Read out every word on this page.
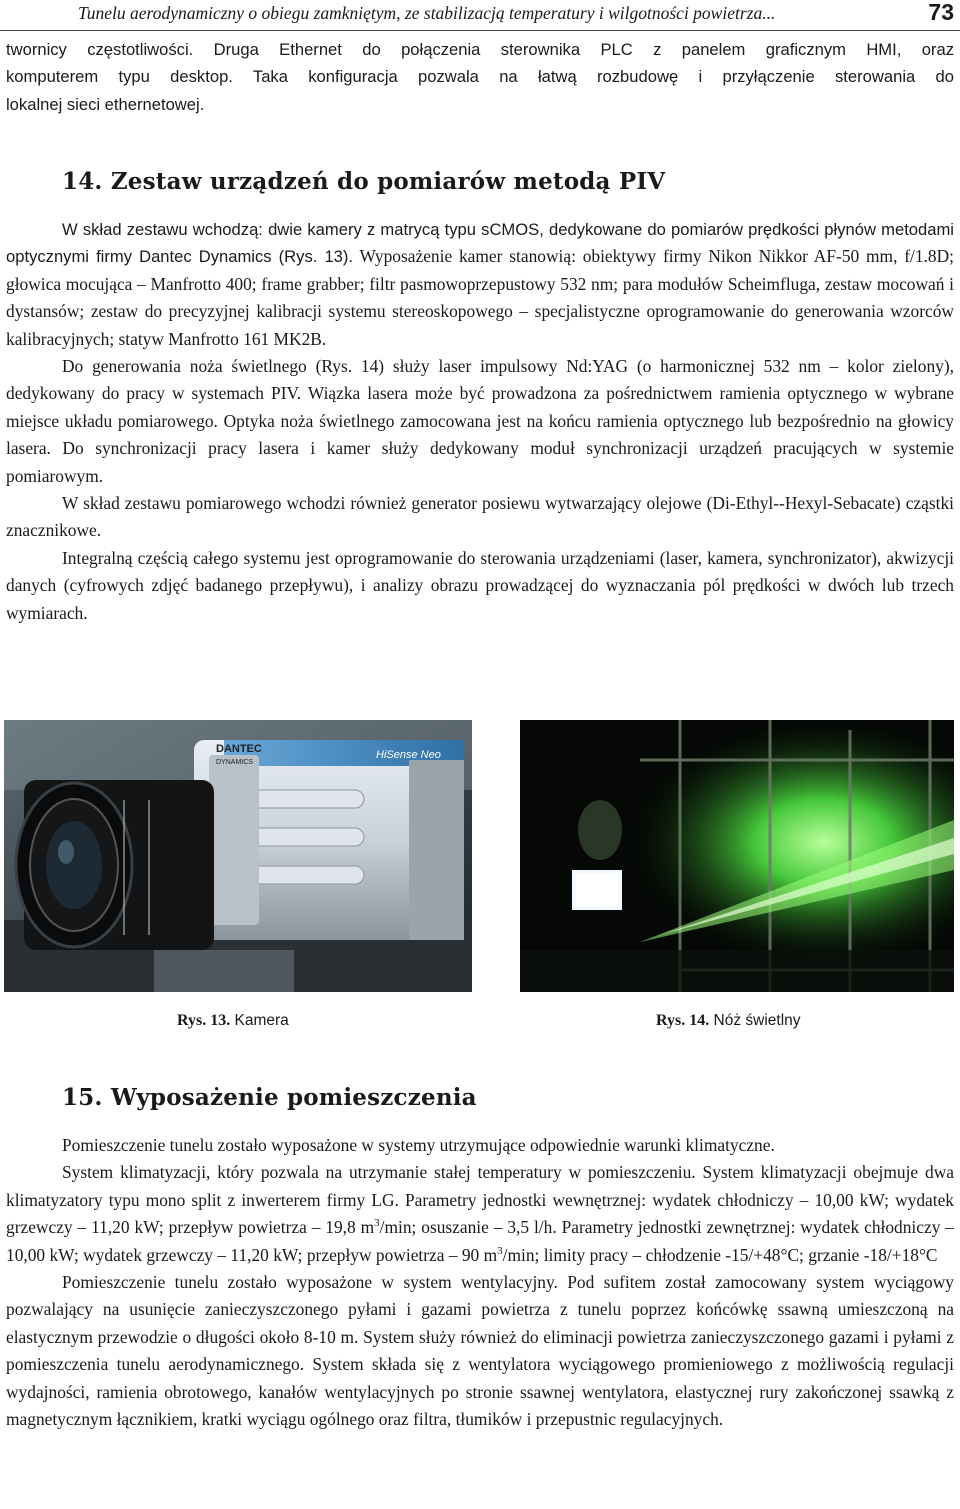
Tunelu aerodynamiczny o obiegu zamkniętym, ze stabilizacją temperatury i wilgotności powietrza...	73

twornicy częstotliwości. Druga Ethernet do połączenia sterownika PLC z panelem graficznym HMI, oraz

komputerem typu desktop. Taka konfiguracja pozwala na łatwą rozbudowę i przyłączenie sterowania do

lokalnej sieci ethernetowej.

14. Zestaw urządzeń do pomiarów metodą PIV

W skład zestawu wchodzą: dwie kamery z matrycą typu sCMOS, dedykowane do pomiarów prędkości płynów metodami optycznymi firmy Dantec Dynamics (Rys. 13). Wyposażenie kamer stanowią: obiektywy firmy Nikon Nikkor AF-50 mm, f/1.8D; głowica mocująca – Manfrotto 400; frame grabber; filtr pasmowoprzepustowy 532 nm; para modułów Scheimfluga, zestaw mocowań i dystansów; zestaw do precyzyjnej kalibracji systemu stereoskopowego – specjalistyczne oprogramowanie do generowania wzorców kalibracyjnych; statyw Manfrotto 161 MK2B.

Do generowania noża świetlnego (Rys. 14) służy laser impulsowy Nd:YAG (o harmonicznej 532 nm – kolor zielony), dedykowany do pracy w systemach PIV. Wiązka lasera może być prowadzona za pośrednictwem ramienia optycznego w wybrane miejsce układu pomiarowego. Optyka noża świetlnego zamocowana jest na końcu ramienia optycznego lub bezpośrednio na głowicy lasera. Do synchronizacji pracy lasera i kamer służy dedykowany moduł synchronizacji urządzeń pracujących w systemie pomiarowym.

W skład zestawu pomiarowego wchodzi również generator posiewu wytwarzający olejowe (Di-Ethyl--Hexyl-Sebacate) cząstki znacznikowe.

Integralną częścią całego systemu jest oprogramowanie do sterowania urządzeniami (laser, kamera, synchronizator), akwizycji danych (cyfrowych zdjęć badanego przepływu), i analizy obrazu prowadzącej do wyznaczania pól prędkości w dwóch lub trzech wymiarach.

DANTEC
DYNAMICS
HiSense Neo
Rys. 13. Kamera	Rys. 14. Nóż świetlny
15. Wyposażenie pomieszczenia

Pomieszczenie tunelu zostało wyposażone w systemy utrzymujące odpowiednie warunki klimatyczne.

System klimatyzacji, który pozwala na utrzymanie stałej temperatury w pomieszczeniu. System klimatyzacji obejmuje dwa klimatyzatory typu mono split z inwerterem firmy LG. Parametry jednostki wewnętrznej: wydatek chłodniczy – 10,00 kW; wydatek grzewczy – 11,20 kW; przepływ powietrza – 19,8 $m^3/\min$; osuszanie – 3,5 l/h. Parametry jednostki zewnętrznej: wydatek chłodniczy – 10,00 kW; wydatek grzewczy – 11,20 kW; przepływ powietrza – 90 $m^3/\min$; limity pracy – chłodzenie -15/+48°C; grzanie -18/+18°C

Pomieszczenie tunelu zostało wyposażone w system wentylacyjny. Pod sufitem został zamocowany system wyciągowy pozwalający na usunięcie zanieczyszczonego pyłami i gazami powietrza z tunelu poprzez końcówkę ssawną umieszczoną na elastycznym przewodzie o długości około 8-10 m. System służy również do eliminacji powietrza zanieczyszczonego gazami i pyłami z pomieszczenia tunelu aerodynamicznego. System składa się z wentylatora wyciągowego promieniowego z możliwością regulacji wydajności, ramienia obrotowego, kanałów wentylacyjnych po stronie ssawnej wentylatora, elastycznej rury zakończonej ssawką z magnetycznym łącznikiem, kratki wyciągu ogólnego oraz filtra, tłumików i przepustnic regulacyjnych.
